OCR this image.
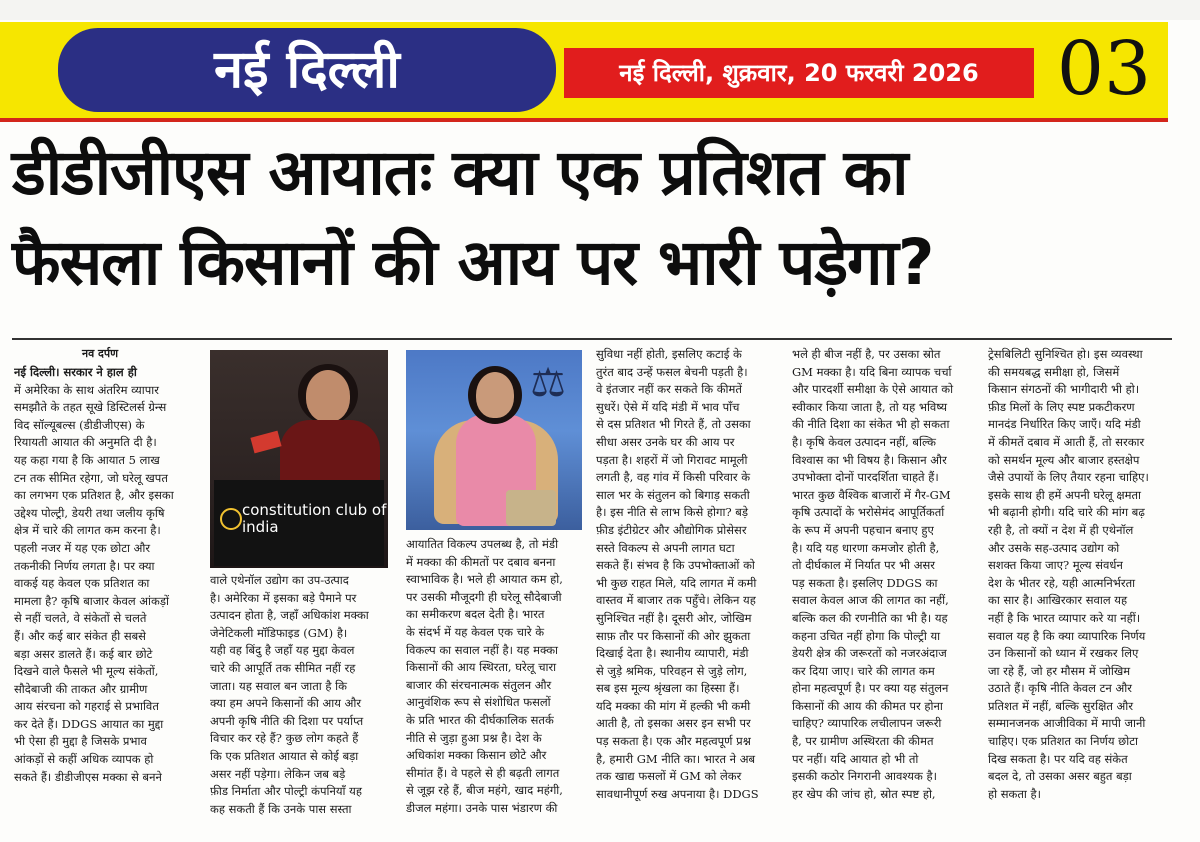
नई दिल्ली	नई दिल्ली, शुक्रवार, 20 फरवरी 2026	03
डीडीजीएस आयातः क्या एक प्रतिशत का
फैसला किसानों की आय पर भारी पड़ेगा?
नव दर्पण
नई दिल्ली। सरकार ने हाल ही
में अमेरिका के साथ अंतरिम व्यापार
समझौते के तहत सूखे डिस्टिलर्स ग्रेन्स
विद सॉल्यूबल्स (डीडीजीएस) के
रियायती आयात की अनुमति दी है।
यह कहा गया है कि आयात 5 लाख
टन तक सीमित रहेगा, जो घरेलू खपत
का लगभग एक प्रतिशत है, और इसका
उद्देश्य पोल्ट्री, डेयरी तथा जलीय कृषि
क्षेत्र में चारे की लागत कम करना है।
पहली नजर में यह एक छोटा और
तकनीकी निर्णय लगता है। पर क्या
वाकई यह केवल एक प्रतिशत का
मामला है? कृषि बाजार केवल आंकड़ों
से नहीं चलते, वे संकेतों से चलते
हैं। और कई बार संकेत ही सबसे
बड़ा असर डालते हैं। कई बार छोटे
दिखने वाले फैसले भी मूल्य संकेतों,
सौदेबाजी की ताकत और ग्रामीण
आय संरचना को गहराई से प्रभावित
कर देते हैं। DDGS आयात का मुद्दा
भी ऐसा ही मुद्दा है जिसके प्रभाव
आंकड़ों से कहीं अधिक व्यापक हो
सकते हैं। डीडीजीएस मक्का से बनने
वाले एथेनॉल उद्योग का उप-उत्पाद
है। अमेरिका में इसका बड़े पैमाने पर
उत्पादन होता है, जहाँ अधिकांश मक्का
जेनेटिकली मॉडिफाइड (GM) है।
यही वह बिंदु है जहाँ यह मुद्दा केवल
चारे की आपूर्ति तक सीमित नहीं रह
जाता। यह सवाल बन जाता है कि
क्या हम अपने किसानों की आय और
अपनी कृषि नीति की दिशा पर पर्याप्त
विचार कर रहे हैं? कुछ लोग कहते हैं
कि एक प्रतिशत आयात से कोई बड़ा
असर नहीं पड़ेगा। लेकिन जब बड़े
फ़ीड निर्माता और पोल्ट्री कंपनियाँ यह
कह सकती हैं कि उनके पास सस्ता
आयातित विकल्प उपलब्ध है, तो मंडी
में मक्का की कीमतों पर दबाव बनना
स्वाभाविक है। भले ही आयात कम हो,
पर उसकी मौजूदगी ही घरेलू सौदेबाजी
का समीकरण बदल देती है। भारत
के संदर्भ में यह केवल एक चारे के
विकल्प का सवाल नहीं है। यह मक्का
किसानों की आय स्थिरता, घरेलू चारा
बाजार की संरचनात्मक संतुलन और
आनुवंशिक रूप से संशोधित फसलों
के प्रति भारत की दीर्घकालिक सतर्क
नीति से जुड़ा हुआ प्रश्न है। देश के
अधिकांश मक्का किसान छोटे और
सीमांत हैं। वे पहले से ही बढ़ती लागत
से जूझ रहे हैं, बीज महंगे, खाद महंगी,
डीजल महंगा। उनके पास भंडारण की
सुविधा नहीं होती, इसलिए कटाई के
तुरंत बाद उन्हें फसल बेचनी पड़ती है।
वे इंतजार नहीं कर सकते कि कीमतें
सुधरें। ऐसे में यदि मंडी में भाव पाँच
से दस प्रतिशत भी गिरते हैं, तो उसका
सीधा असर उनके घर की आय पर
पड़ता है। शहरों में जो गिरावट मामूली
लगती है, वह गांव में किसी परिवार के
साल भर के संतुलन को बिगाड़ सकती
है। इस नीति से लाभ किसे होगा? बड़े
फ़ीड इंटीग्रेटर और औद्योगिक प्रोसेसर
सस्ते विकल्प से अपनी लागत घटा
सकते हैं। संभव है कि उपभोक्ताओं को
भी कुछ राहत मिले, यदि लागत में कमी
वास्तव में बाजार तक पहुँचे। लेकिन यह
सुनिश्चित नहीं है। दूसरी ओर, जोखिम
साफ़ तौर पर किसानों की ओर झुकता
दिखाई देता है। स्थानीय व्यापारी, मंडी
से जुड़े श्रमिक, परिवहन से जुड़े लोग,
सब इस मूल्य श्रृंखला का हिस्सा हैं।
यदि मक्का की मांग में हल्की भी कमी
आती है, तो इसका असर इन सभी पर
पड़ सकता है। एक और महत्वपूर्ण प्रश्न
है, हमारी GM नीति का। भारत ने अब
तक खाद्य फसलों में GM को लेकर
सावधानीपूर्ण रुख अपनाया है। DDGS
भले ही बीज नहीं है, पर उसका स्रोत
GM मक्का है। यदि बिना व्यापक चर्चा
और पारदर्शी समीक्षा के ऐसे आयात को
स्वीकार किया जाता है, तो यह भविष्य
की नीति दिशा का संकेत भी हो सकता
है। कृषि केवल उत्पादन नहीं, बल्कि
विश्वास का भी विषय है। किसान और
उपभोक्ता दोनों पारदर्शिता चाहते हैं।
भारत कुछ वैश्विक बाजारों में गैर-GM
कृषि उत्पादों के भरोसेमंद आपूर्तिकर्ता
के रूप में अपनी पहचान बनाए हुए
है। यदि यह धारणा कमजोर होती है,
तो दीर्घकाल में निर्यात पर भी असर
पड़ सकता है। इसलिए DDGS का
सवाल केवल आज की लागत का नहीं,
बल्कि कल की रणनीति का भी है। यह
कहना उचित नहीं होगा कि पोल्ट्री या
डेयरी क्षेत्र की जरूरतों को नजरअंदाज
कर दिया जाए। चारे की लागत कम
होना महत्वपूर्ण है। पर क्या यह संतुलन
किसानों की आय की कीमत पर होना
चाहिए? व्यापारिक लचीलापन जरूरी
है, पर ग्रामीण अस्थिरता की कीमत
पर नहीं। यदि आयात हो भी तो
इसकी कठोर निगरानी आवश्यक है।
हर खेप की जांच हो, स्रोत स्पष्ट हो,
ट्रेसबिलिटी सुनिश्चित हो। इस व्यवस्था
की समयबद्ध समीक्षा हो, जिसमें
किसान संगठनों की भागीदारी भी हो।
फ़ीड मिलों के लिए स्पष्ट प्रकटीकरण
मानदंड निर्धारित किए जाएँ। यदि मंडी
में कीमतें दबाव में आती हैं, तो सरकार
को समर्थन मूल्य और बाजार हस्तक्षेप
जैसे उपायों के लिए तैयार रहना चाहिए।
इसके साथ ही हमें अपनी घरेलू क्षमता
भी बढ़ानी होगी। यदि चारे की मांग बढ़
रही है, तो क्यों न देश में ही एथेनॉल
और उसके सह-उत्पाद उद्योग को
सशक्त किया जाए? मूल्य संवर्धन
देश के भीतर रहे, यही आत्मनिर्भरता
का सार है। आखिरकार सवाल यह
नहीं है कि भारत व्यापार करे या नहीं।
सवाल यह है कि क्या व्यापारिक निर्णय
उन किसानों को ध्यान में रखकर लिए
जा रहे हैं, जो हर मौसम में जोखिम
उठाते हैं। कृषि नीति केवल टन और
प्रतिशत में नहीं, बल्कि सुरक्षित और
सम्मानजनक आजीविका में मापी जानी
चाहिए। एक प्रतिशत का निर्णय छोटा
दिख सकता है। पर यदि वह संकेत
बदल दे, तो उसका असर बहुत बड़ा
हो सकता है।
constitution club of india
⚖
